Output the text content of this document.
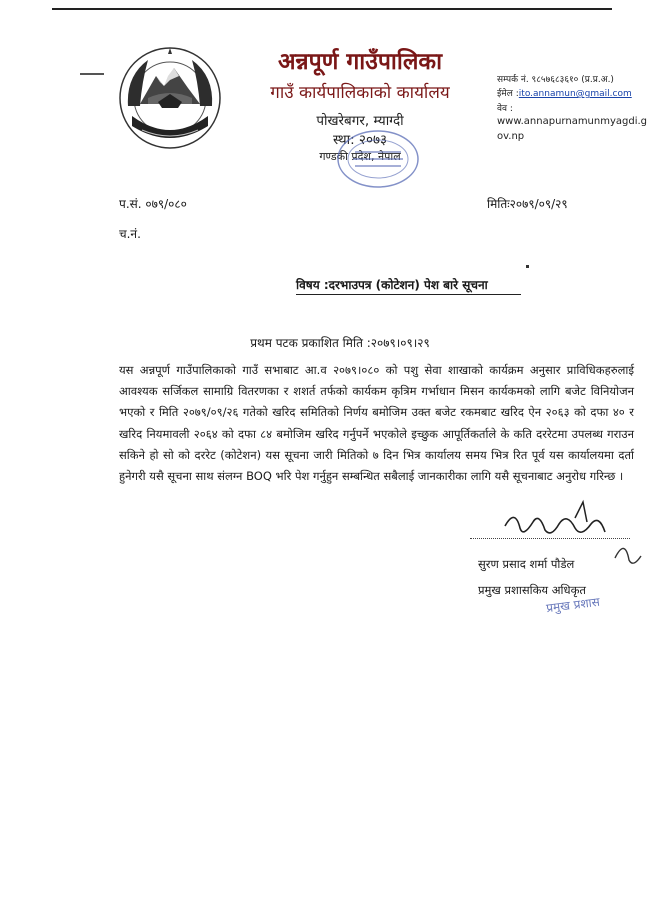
अन्नपूर्ण गाउँपालिका
गाउँ कार्यपालिकाको कार्यालय
पोखरेबगर, म्याग्दी
स्था: २०७३
गण्डकी प्रदेश, नेपाल
सम्पर्क नं. ९८५७६८३६१० (प्र.प्र.अ.)
ईमेल :ito.annamun@gmail.com
वेव :
www.annapurnamunmyagdi.gov.np
प.सं. ०७९/०८०	मितिः२०७९/०९/२९
च.नं.
विषय :दरभाउपत्र (कोटेशन) पेश बारे सूचना
प्रथम पटक प्रकाशित मिति :२०७९।०९।२९
यस अन्नपूर्ण गाउँपालिकाको गाउँ सभाबाट आ.व २०७९।०८० को पशु सेवा शाखाको कार्यक्रम अनुसार प्राविधिकहरुलाई आवश्यक सर्जिकल सामाग्रि वितरणका र शशर्त तर्फको कार्यकम कृत्रिम गर्भाधान मिसन कार्यकमको लागि बजेट विनियोजन भएको र मिति २०७९/०९/२६ गतेको खरिद समितिको निर्णय बमोजिम उक्त बजेट रकमबाट खरिद ऐन २०६३ को दफा ४० र खरिद नियमावली २०६४ को दफा ८४ बमोजिम खरिद गर्नुपर्ने भएकोले इच्छुक आपूर्तिकर्ताले के कति दररेटमा उपलब्ध गराउन सकिने हो सो को दररेट (कोटेशन) यस सूचना जारी मितिको ७ दिन भित्र कार्यालय समय भित्र रित पूर्व यस कार्यालयमा दर्ता हुनेगरी यसै सूचना साथ संलग्न BOQ भरि पेश गर्नुहुन सम्बन्धित सबैलाई जानकारीका लागि यसै सूचनाबाट अनुरोध गरिन्छ ।
सुरण प्रसाद शर्मा पौडेल
प्रमुख प्रशासकिय अधिकृत
प्रमुख प्रशास
